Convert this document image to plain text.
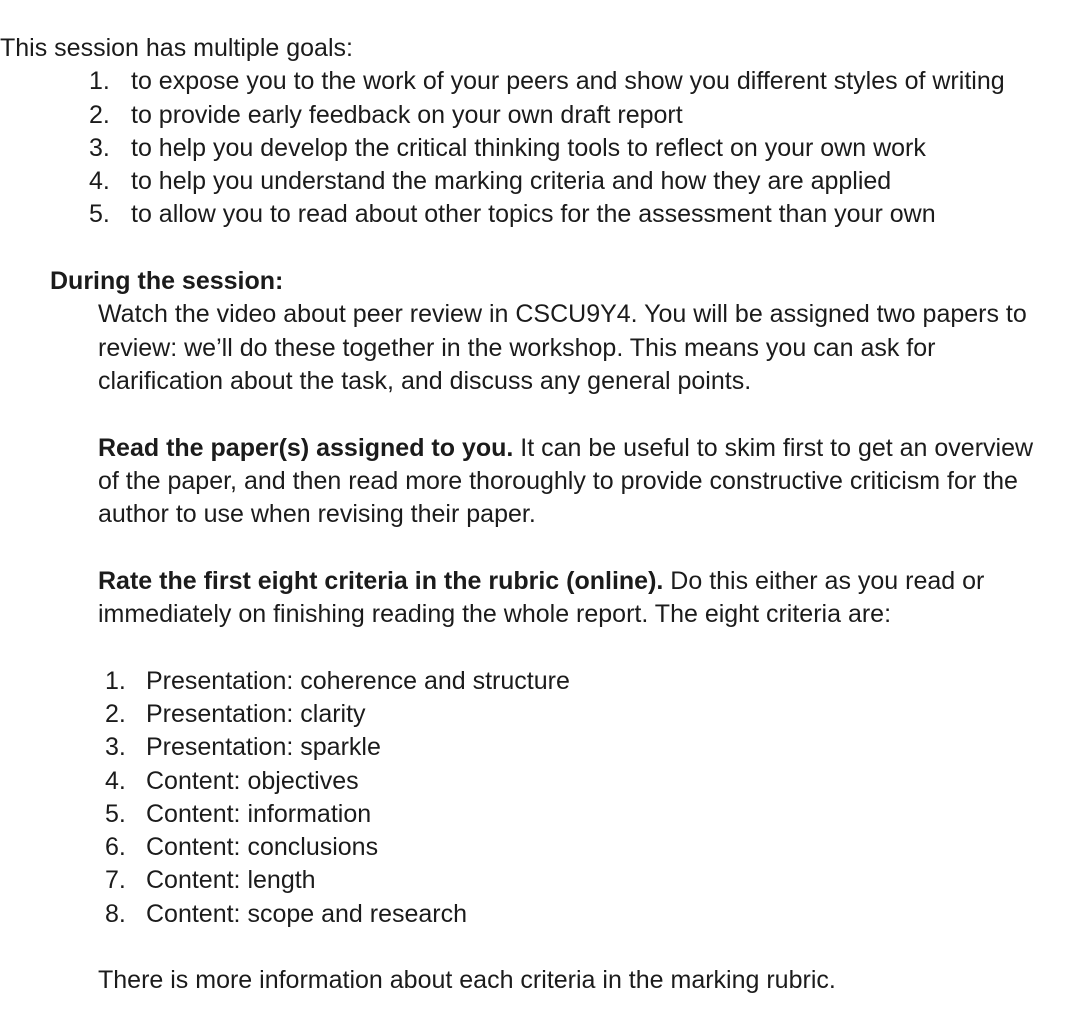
This session has multiple goals:

1. to expose you to the work of your peers and show you different styles of writing
2. to provide early feedback on your own draft report
3. to help you develop the critical thinking tools to reflect on your own work
4. to help you understand the marking criteria and how they are applied
5. to allow you to read about other topics for the assessment than your own

During the session:

Watch the video about peer review in CSCU9Y4. You will be assigned two papers to review: we’ll do these together in the workshop. This means you can ask for clarification about the task, and discuss any general points.

Read the paper(s) assigned to you. It can be useful to skim first to get an overview of the paper, and then read more thoroughly to provide constructive criticism for the author to use when revising their paper.

Rate the first eight criteria in the rubric (online). Do this either as you read or immediately on finishing reading the whole report. The eight criteria are:

1. Presentation: coherence and structure
2. Presentation: clarity
3. Presentation: sparkle
4. Content: objectives
5. Content: information
6. Content: conclusions
7. Content: length
8. Content: scope and research

There is more information about each criteria in the marking rubric.
